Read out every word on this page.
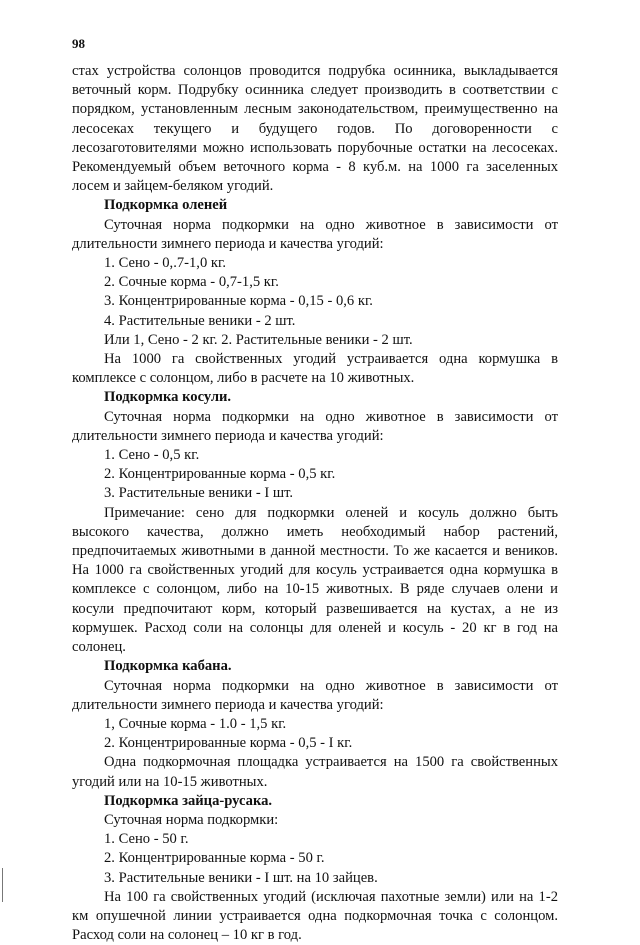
98

стах устройства солонцов проводится подрубка осинника, выкладывается веточный корм. Подрубку осинника следует производить в соответствии с порядком, установленным лесным законодательством, преимущественно на лесосеках текущего и будущего годов. По договоренности с лесозаготовителями можно использовать порубочные остатки на лесосеках. Рекомендуемый объем веточного корма - 8 куб.м. на 1000 га заселенных лосем и зайцем-беляком угодий.

Подкормка оленей

Суточная норма подкормки на одно животное в зависимости от длительности зимнего периода и качества угодий:

1. Сено - 0,.7-1,0 кг.

2. Сочные корма - 0,7-1,5 кг.

3. Концентрированные корма - 0,15 - 0,6 кг.

4. Растительные веники - 2 шт.

Или 1, Сено - 2 кг. 2. Растительные веники - 2 шт.

На 1000 га свойственных угодий устраивается одна кормушка в комплексе с солонцом, либо в расчете на 10 животных.

Подкормка косули.

Суточная норма подкормки на одно животное в зависимости от длительности зимнего периода и качества угодий:

1. Сено - 0,5 кг.

2. Концентрированные корма - 0,5 кг.

3. Растительные веники - I шт.

Примечание: сено для подкормки оленей и косуль должно быть высокого качества, должно иметь необходимый набор растений, предпочитаемых животными в данной местности. То же касается и веников. На 1000 га свойственных угодий для косуль устраивается одна кормушка в комплексе с солонцом, либо на 10-15 животных. В ряде случаев олени и косули предпочитают корм, который развешивается на кустах, а не из кормушек. Расход соли на солонцы для оленей и косуль - 20 кг в год на солонец.

Подкормка кабана.

Суточная норма подкормки на одно животное в зависимости от длительности зимнего периода и качества угодий:

1, Сочные корма - 1.0 - 1,5 кг.

2. Концентрированные корма - 0,5 - I кг.

Одна подкормочная площадка устраивается на 1500 га свойственных угодий или на 10-15 животных.

Подкормка зайца-русака.

Суточная норма подкормки:

1. Сено - 50 г.

2. Концентрированные корма - 50 г.

3. Растительные веники - I шт. на 10 зайцев.

На 100 га свойственных угодий (исключая пахотные земли) или на 1-2 км опушечной линии устраивается одна подкормочная точка с солонцом. Расход соли на солонец – 10 кг в год.
